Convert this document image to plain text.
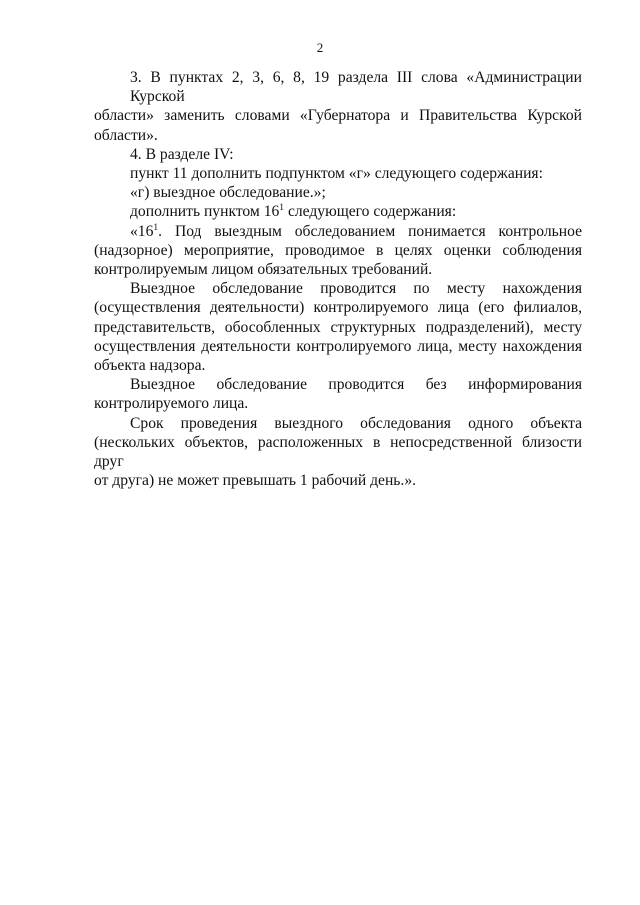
2
3. В пунктах 2, 3, 6, 8, 19 раздела III слова «Администрации Курской
области» заменить словами «Губернатора и Правительства Курской
области».
4. В разделе IV:
пункт 11 дополнить подпунктом «г» следующего содержания:
«г) выездное обследование.»;
дополнить пунктом $16^1$ следующего содержания:
«$16^1$. Под выездным обследованием понимается контрольное
(надзорное) мероприятие, проводимое в целях оценки соблюдения
контролируемым лицом обязательных требований.
Выездное обследование проводится по месту нахождения
(осуществления деятельности) контролируемого лица (его филиалов,
представительств, обособленных структурных подразделений), месту
осуществления деятельности контролируемого лица, месту нахождения
объекта надзора.
Выездное обследование проводится без информирования
контролируемого лица.
Срок проведения выездного обследования одного объекта
(нескольких объектов, расположенных в непосредственной близости друг
от друга) не может превышать 1 рабочий день.».
